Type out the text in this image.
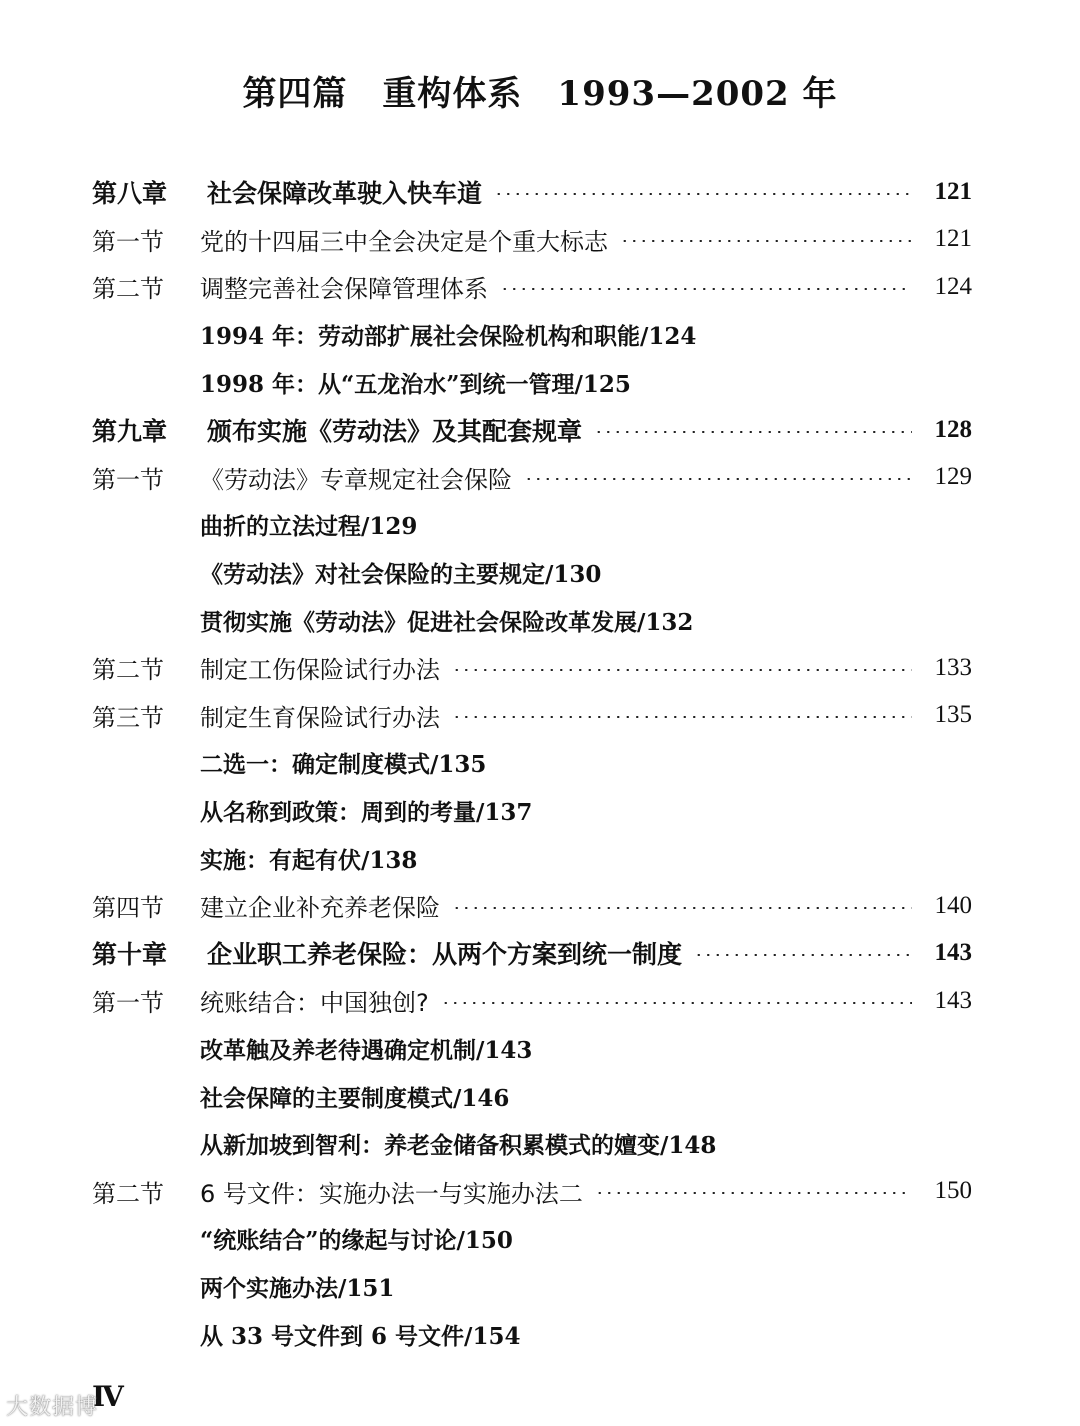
第四篇　重构体系　1993—2002 年
第八章	社会保障改革驶入快车道	121
第一节	党的十四届三中全会决定是个重大标志	121
第二节	调整完善社会保障管理体系	124
1994 年：劳动部扩展社会保险机构和职能/124
1998 年：从“五龙治水”到统一管理/125
第九章	颁布实施《劳动法》及其配套规章	128
第一节	《劳动法》专章规定社会保险	129
曲折的立法过程/129
《劳动法》对社会保险的主要规定/130
贯彻实施《劳动法》促进社会保险改革发展/132
第二节	制定工伤保险试行办法	133
第三节	制定生育保险试行办法	135
二选一：确定制度模式/135
从名称到政策：周到的考量/137
实施：有起有伏/138
第四节	建立企业补充养老保险	140
第十章	企业职工养老保险：从两个方案到统一制度	143
第一节	统账结合：中国独创?	143
改革触及养老待遇确定机制/143
社会保障的主要制度模式/146
从新加坡到智利：养老金储备积累模式的嬗变/148
第二节	6 号文件：实施办法一与实施办法二	150
“统账结合”的缘起与讨论/150
两个实施办法/151
从 33 号文件到 6 号文件/154
Ⅳ
大数据博
